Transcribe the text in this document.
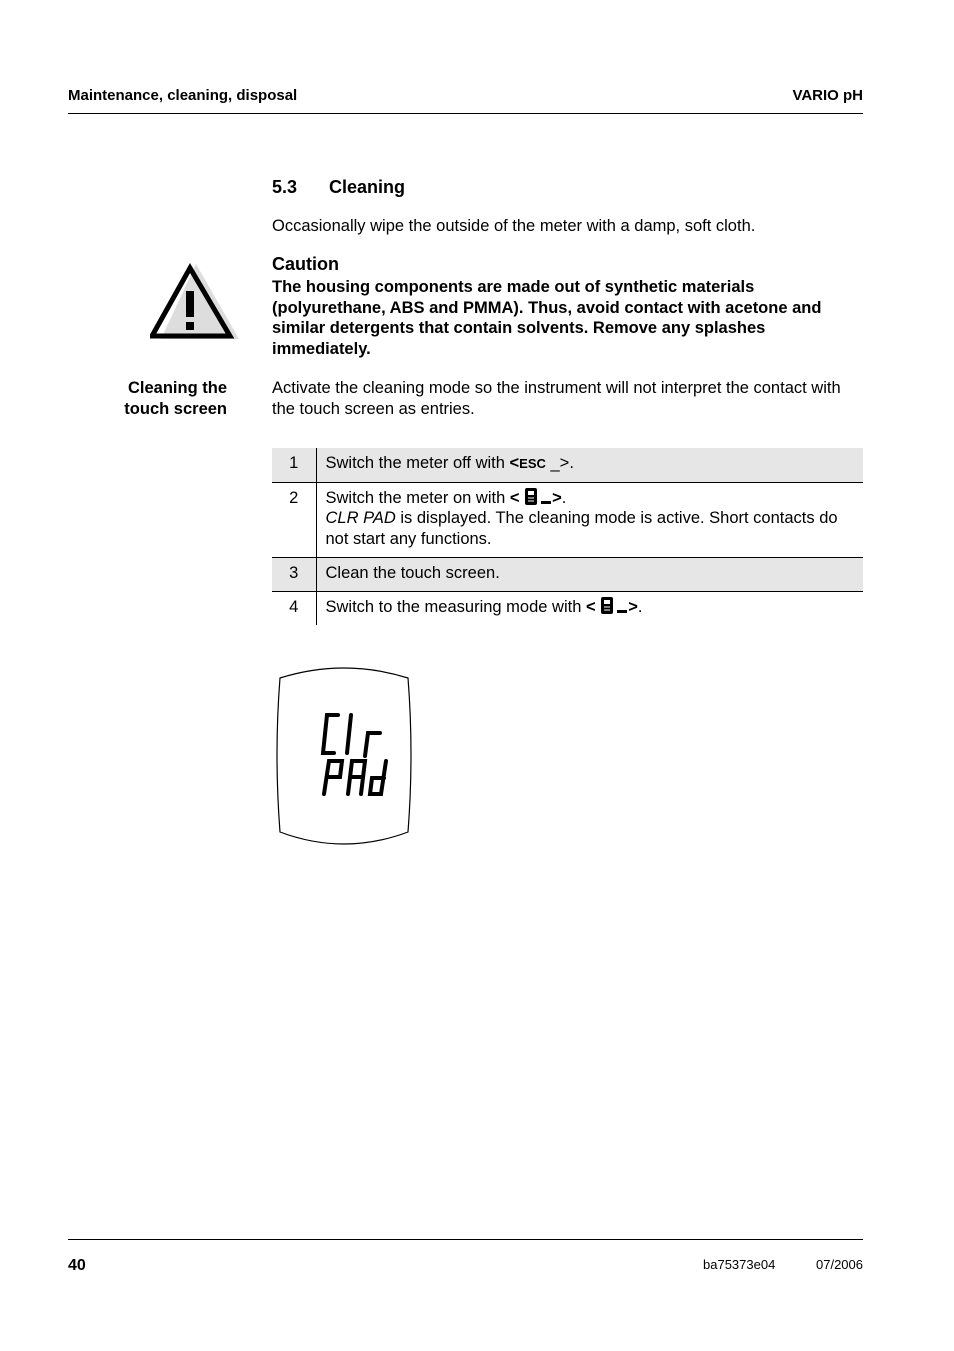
Maintenance, cleaning, disposal	VARIO pH
5.3 Cleaning
Occasionally wipe the outside of the meter with a damp, soft cloth.
Caution
The housing components are made out of synthetic materials (polyurethane, ABS and PMMA). Thus, avoid contact with acetone and similar detergents that contain solvents. Remove any splashes immediately.
Cleaning the
touch screen
Activate the cleaning mode so the instrument will not interpret the contact with the touch screen as entries.
1	Switch the meter off with <ESC _>.
2	Switch the meter on with < >.
CLR PAD is displayed. The cleaning mode is active. Short contacts do not start any functions.
3	Clean the touch screen.
4	Switch to the measuring mode with < >.
40	ba75373e04	07/2006
